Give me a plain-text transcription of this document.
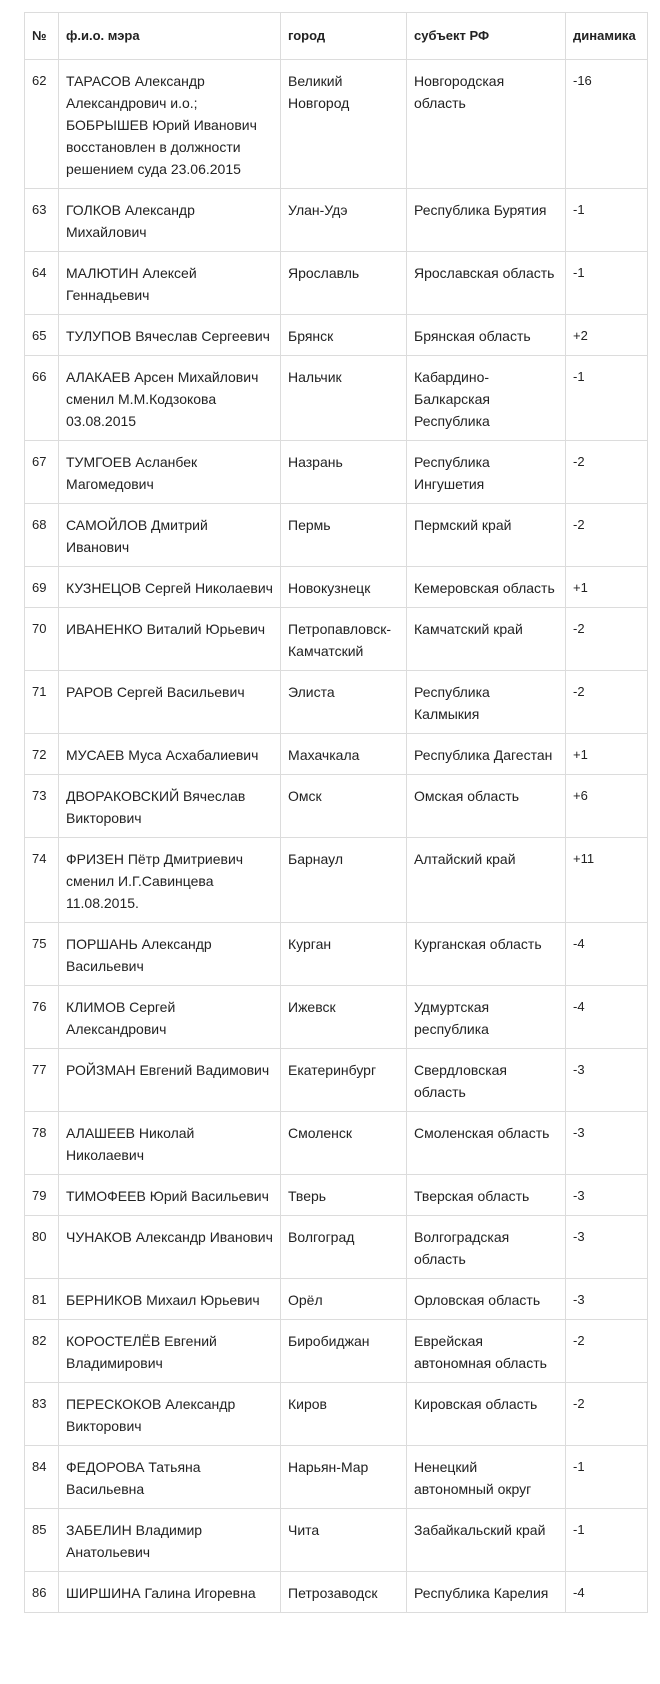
№	ф.и.о. мэра	город	субъект РФ	динамика
62	ТАРАСОВ Александр Александрович и.о.; БОБРЫШЕВ Юрий Иванович восстановлен в должности решением суда 23.06.2015	Великий Новгород	Новгородская область	-16
63	ГОЛКОВ Александр Михайлович	Улан-Удэ	Республика Бурятия	-1
64	МАЛЮТИН Алексей Геннадьевич	Ярославль	Ярославская область	-1
65	ТУЛУПОВ Вячеслав Сергеевич	Брянск	Брянская область	+2
66	АЛАКАЕВ Арсен Михайлович сменил М.М.Кодзокова 03.08.2015	Нальчик	Кабардино-Балкарская Республика	-1
67	ТУМГОЕВ Асланбек Магомедович	Назрань	Республика Ингушетия	-2
68	САМОЙЛОВ Дмитрий Иванович	Пермь	Пермский край	-2
69	КУЗНЕЦОВ Сергей Николаевич	Новокузнецк	Кемеровская область	+1
70	ИВАНЕНКО Виталий Юрьевич	Петропавловск-Камчатский	Камчатский край	-2
71	РАРОВ Сергей Васильевич	Элиста	Республика Калмыкия	-2
72	МУСАЕВ Муса Асхабалиевич	Махачкала	Республика Дагестан	+1
73	ДВОРАКОВСКИЙ Вячеслав Викторович	Омск	Омская область	+6
74	ФРИЗЕН Пётр Дмитриевич сменил И.Г.Савинцева 11.08.2015.	Барнаул	Алтайский край	+11
75	ПОРШАНЬ Александр Васильевич	Курган	Курганская область	-4
76	КЛИМОВ Сергей Александрович	Ижевск	Удмуртская республика	-4
77	РОЙЗМАН Евгений Вадимович	Екатеринбург	Свердловская область	-3
78	АЛАШЕЕВ Николай Николаевич	Смоленск	Смоленская область	-3
79	ТИМОФЕЕВ Юрий Васильевич	Тверь	Тверская область	-3
80	ЧУНАКОВ Александр Иванович	Волгоград	Волгоградская область	-3
81	БЕРНИКОВ Михаил Юрьевич	Орёл	Орловская область	-3
82	КОРОСТЕЛЁВ Евгений Владимирович	Биробиджан	Еврейская автономная область	-2
83	ПЕРЕСКОКОВ Александр Викторович	Киров	Кировская область	-2
84	ФЕДОРОВА Татьяна Васильевна	Нарьян-Мар	Ненецкий автономный округ	-1
85	ЗАБЕЛИН Владимир Анатольевич	Чита	Забайкальский край	-1
86	ШИРШИНА Галина Игоревна	Петрозаводск	Республика Карелия	-4
